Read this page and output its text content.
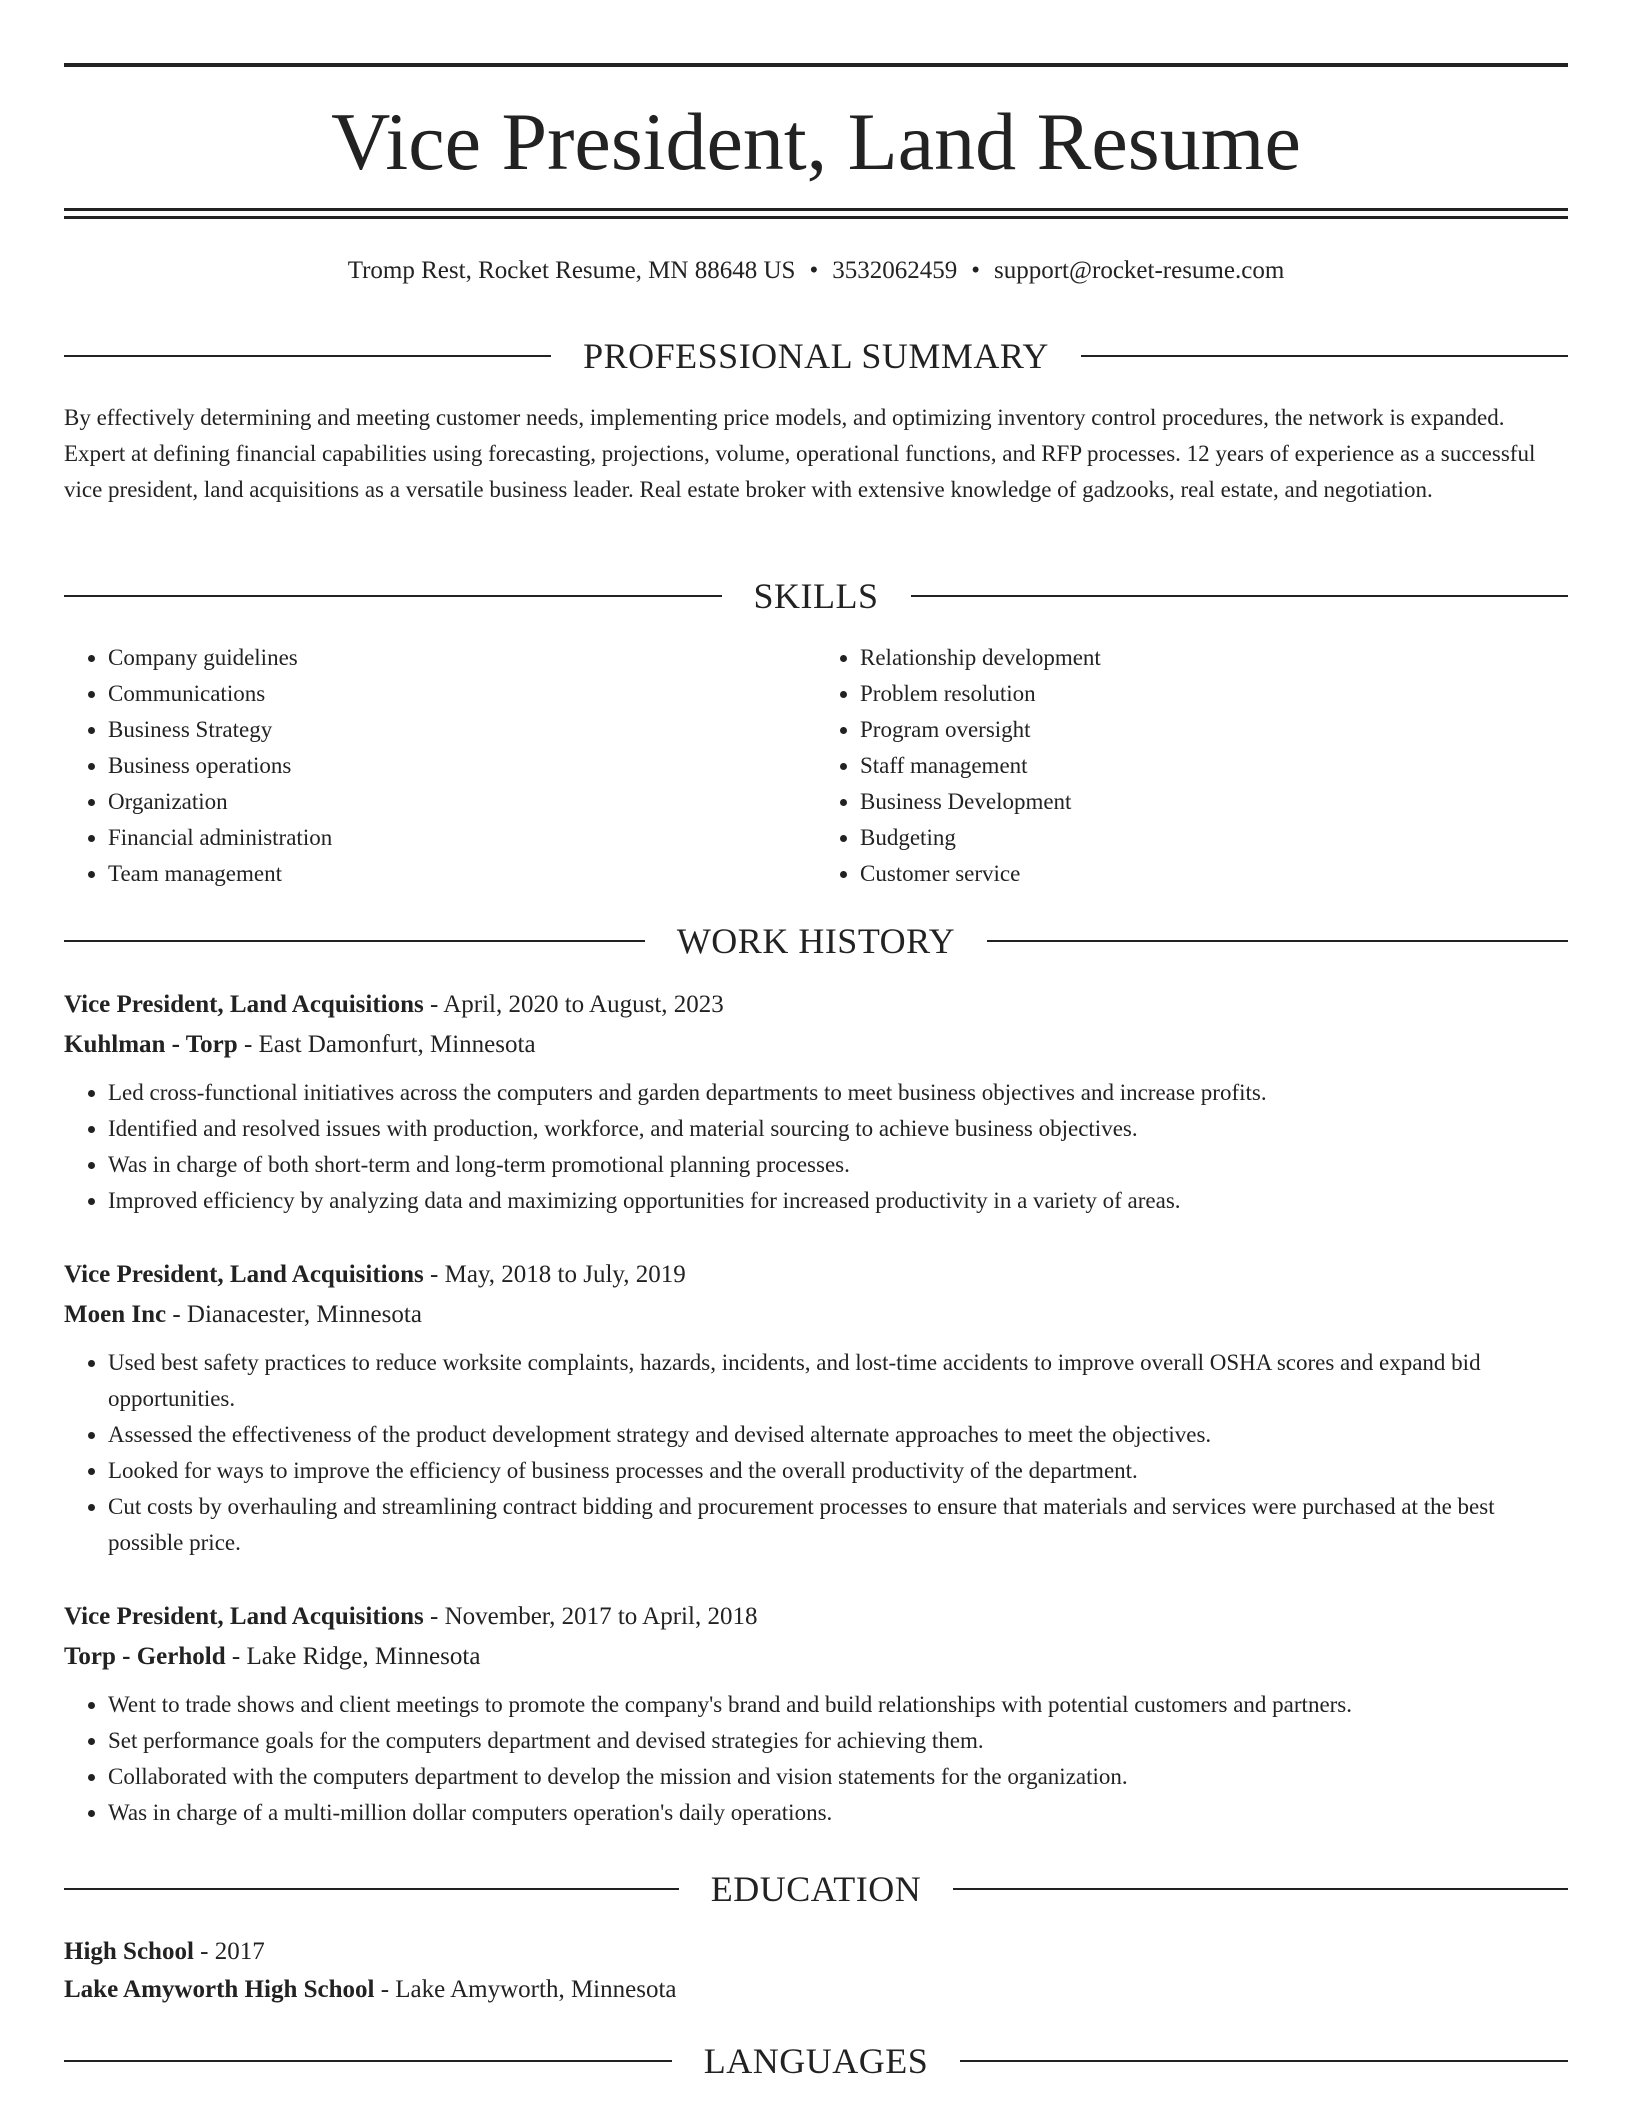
Vice President, Land Resume
Tromp Rest, Rocket Resume, MN 88648 US • 3532062459 • support@rocket-resume.com
PROFESSIONAL SUMMARY

By effectively determining and meeting customer needs, implementing price models, and optimizing inventory control procedures, the network is expanded. Expert at defining financial capabilities using forecasting, projections, volume, operational functions, and RFP processes. 12 years of experience as a successful vice president, land acquisitions as a versatile business leader. Real estate broker with extensive knowledge of gadzooks, real estate, and negotiation.

SKILLS
• Company guidelines
• Communications
• Business Strategy
• Business operations
• Organization
• Financial administration
• Team management
• Relationship development
• Problem resolution
• Program oversight
• Staff management
• Business Development
• Budgeting
• Customer service
WORK HISTORY

Vice President, Land Acquisitions - April, 2020 to August, 2023

Kuhlman - Torp - East Damonfurt, Minnesota

• Led cross-functional initiatives across the computers and garden departments to meet business objectives and increase profits.
• Identified and resolved issues with production, workforce, and material sourcing to achieve business objectives.
• Was in charge of both short-term and long-term promotional planning processes.
• Improved efficiency by analyzing data and maximizing opportunities for increased productivity in a variety of areas.

Vice President, Land Acquisitions - May, 2018 to July, 2019

Moen Inc - Dianacester, Minnesota

• Used best safety practices to reduce worksite complaints, hazards, incidents, and lost-time accidents to improve overall OSHA scores and expand bid opportunities.
• Assessed the effectiveness of the product development strategy and devised alternate approaches to meet the objectives.
• Looked for ways to improve the efficiency of business processes and the overall productivity of the department.
• Cut costs by overhauling and streamlining contract bidding and procurement processes to ensure that materials and services were purchased at the best possible price.

Vice President, Land Acquisitions - November, 2017 to April, 2018

Torp - Gerhold - Lake Ridge, Minnesota

• Went to trade shows and client meetings to promote the company's brand and build relationships with potential customers and partners.
• Set performance goals for the computers department and devised strategies for achieving them.
• Collaborated with the computers department to develop the mission and vision statements for the organization.
• Was in charge of a multi-million dollar computers operation's daily operations.
EDUCATION

High School - 2017

Lake Amyworth High School - Lake Amyworth, Minnesota

LANGUAGES
